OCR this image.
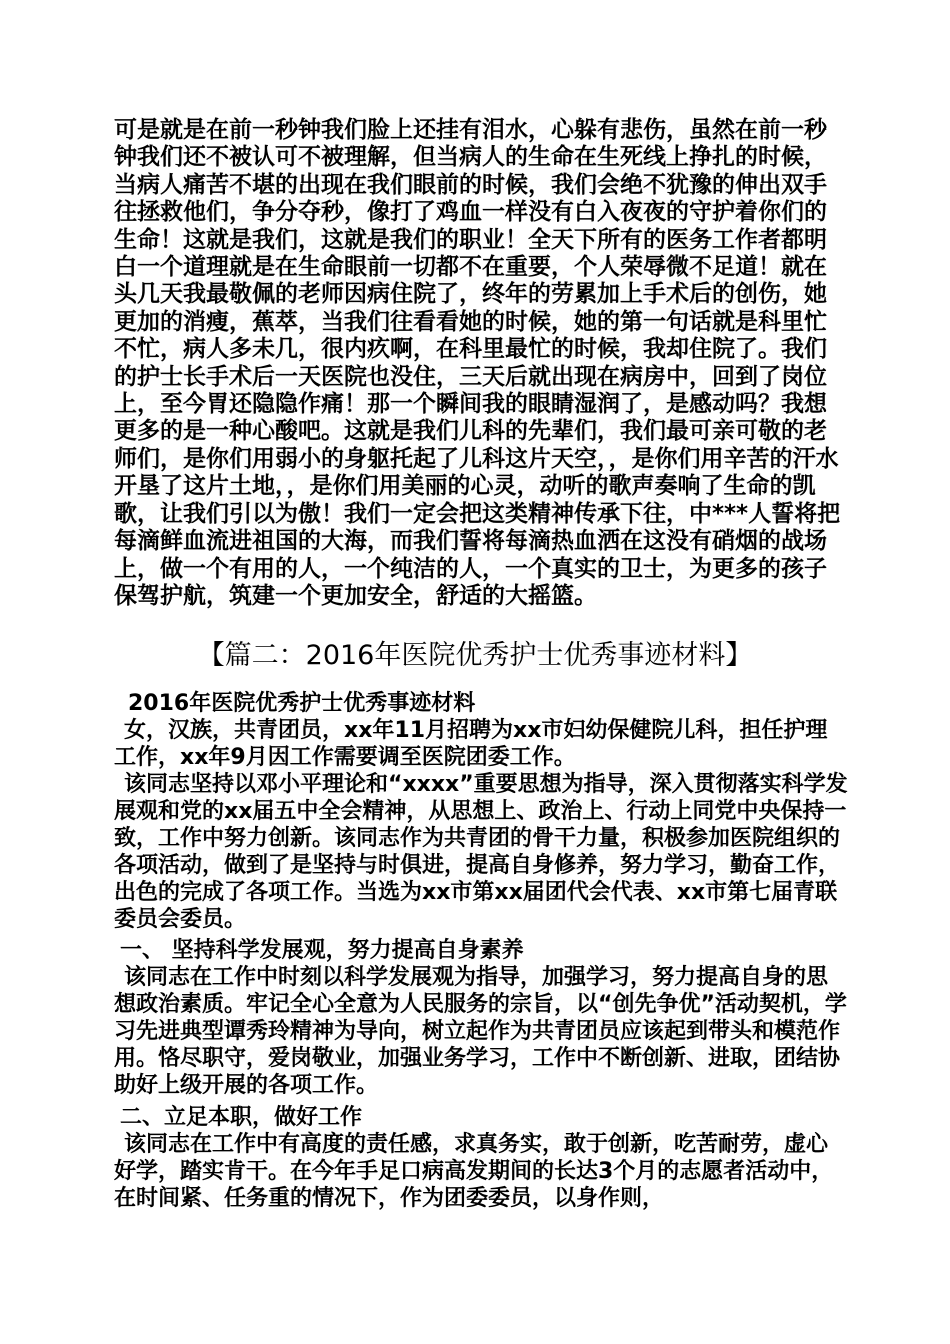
可是就是在前一秒钟我们脸上还挂有泪水，心躲有悲伤，虽然在前一秒钟我们还不被认可不被理解，但当病人的生命在生死线上挣扎的时候，当病人痛苦不堪的出现在我们眼前的时候，我们会绝不犹豫的伸出双手往拯救他们，争分夺秒，像打了鸡血一样没有白入夜夜的守护着你们的生命！这就是我们，这就是我们的职业！全天下所有的医务工作者都明白一个道理就是在生命眼前一切都不在重要，个人荣辱微不足道！就在头几天我最敬佩的老师因病住院了，终年的劳累加上手术后的创伤，她更加的消瘦，蕉萃，当我们往看看她的时候，她的第一句话就是科里忙不忙，病人多未几，很内疚啊，在科里最忙的时候，我却住院了。我们的护士长手术后一天医院也没住，三天后就出现在病房中，回到了岗位上，至今胃还隐隐作痛！那一个瞬间我的眼睛湿润了，是感动吗？我想更多的是一种心酸吧。这就是我们儿科的先辈们，我们最可亲可敬的老师们，是你们用弱小的身躯托起了儿科这片天空，，是你们用辛苦的汗水开垦了这片土地，，是你们用美丽的心灵，动听的歌声奏响了生命的凯歌，让我们引以为傲！我们一定会把这类精神传承下往，中***人誓将把每滴鲜血流进祖国的大海，而我们誓将每滴热血洒在这没有硝烟的战场上，做一个有用的人，一个纯洁的人，一个真实的卫士，为更多的孩子保驾护航，筑建一个更加安全，舒适的大摇篮。

【篇二：2016年医院优秀护士优秀事迹材料】

2016年医院优秀护士优秀事迹材料

女，汉族，共青团员，xx年11月招聘为xx市妇幼保健院儿科，担任护理工作，xx年9月因工作需要调至医院团委工作。

该同志坚持以邓小平理论和“xxxx”重要思想为指导，深入贯彻落实科学发展观和党的xx届五中全会精神，从思想上、政治上、行动上同党中央保持一致，工作中努力创新。该同志作为共青团的骨干力量，积极参加医院组织的各项活动，做到了是坚持与时俱进，提高自身修养，努力学习，勤奋工作，出色的完成了各项工作。当选为xx市第xx届团代会代表、xx市第七届青联委员会委员。

一、 坚持科学发展观，努力提高自身素养

该同志在工作中时刻以科学发展观为指导，加强学习，努力提高自身的思想政治素质。牢记全心全意为人民服务的宗旨，以“创先争优”活动契机，学习先进典型谭秀玲精神为导向，树立起作为共青团员应该起到带头和模范作用。恪尽职守，爱岗敬业，加强业务学习，工作中不断创新、进取，团结协助好上级开展的各项工作。

二、立足本职，做好工作

该同志在工作中有高度的责任感，求真务实，敢于创新，吃苦耐劳，虚心好学，踏实肯干。在今年手足口病高发期间的长达3个月的志愿者活动中，在时间紧、任务重的情况下，作为团委委员，以身作则，
